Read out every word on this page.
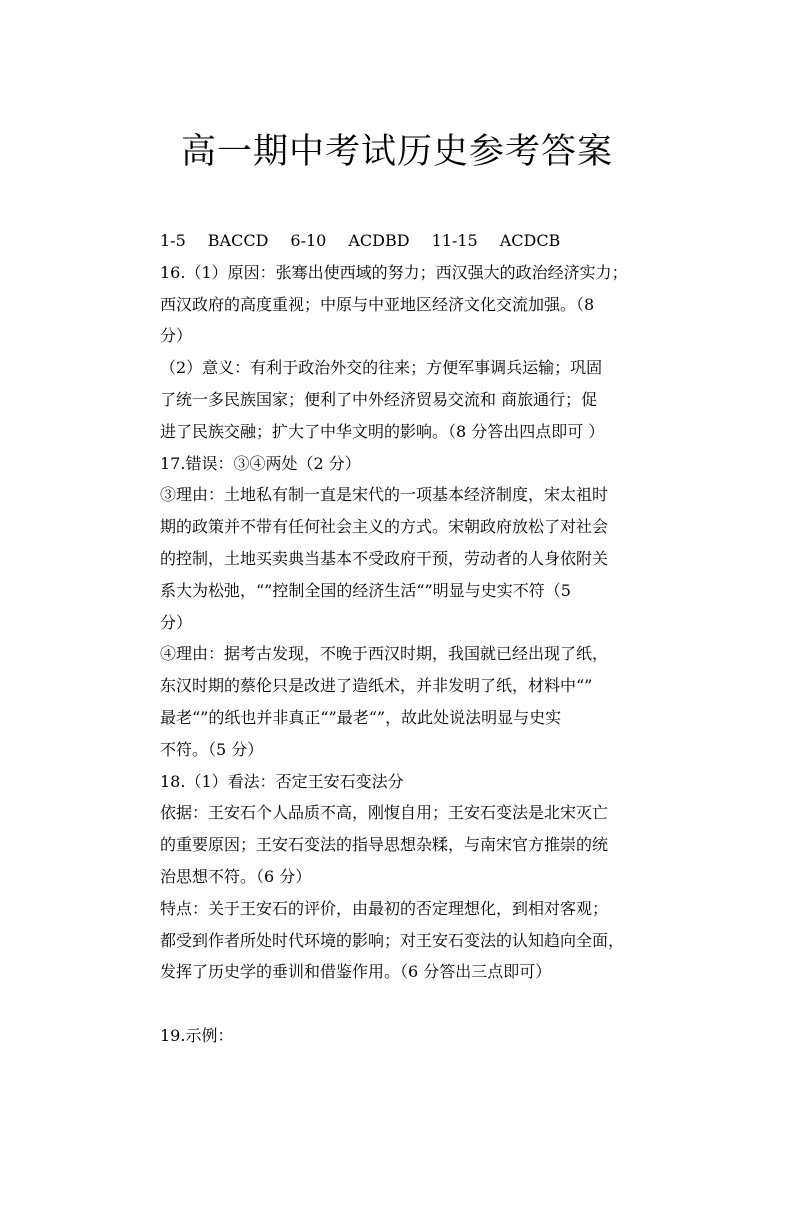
高一期中考试历史参考答案
1-5 BACCD 6-10 ACDBD 11-15 ACDCB
16.（1）原因：张骞出使西域的努力；西汉强大的政治经济实力；
西汉政府的高度重视；中原与中亚地区经济文化交流加强。（8
分）
（2）意义：有利于政治外交的往来；方便军事调兵运输；巩固
了统一多民族国家；便利了中外经济贸易交流和 商旅通行；促
进了民族交融；扩大了中华文明的影响。（8 分答出四点即可 ）
17.错误：③④两处（2 分）
③理由：土地私有制一直是宋代的一项基本经济制度，宋太祖时
期的政策并不带有任何社会主义的方式。宋朝政府放松了对社会
的控制，土地买卖典当基本不受政府干预，劳动者的人身依附关
系大为松弛，“”控制全国的经济生活“”明显与史实不符（5
分）
④理由：据考古发现，不晚于西汉时期，我国就已经出现了纸，
东汉时期的蔡伦只是改进了造纸术，并非发明了纸，材料中“”
最老“”的纸也并非真正“”最老“”，故此处说法明显与史实
不符。（5 分）
18.（1）看法：否定王安石变法分
依据：王安石个人品质不高，刚愎自用；王安石变法是北宋灭亡
的重要原因；王安石变法的指导思想杂糅，与南宋官方推崇的统
治思想不符。（6 分）
特点：关于王安石的评价，由最初的否定理想化，到相对客观；
都受到作者所处时代环境的影响；对王安石变法的认知趋向全面，
发挥了历史学的垂训和借鉴作用。（6 分答出三点即可）
19.示例：
